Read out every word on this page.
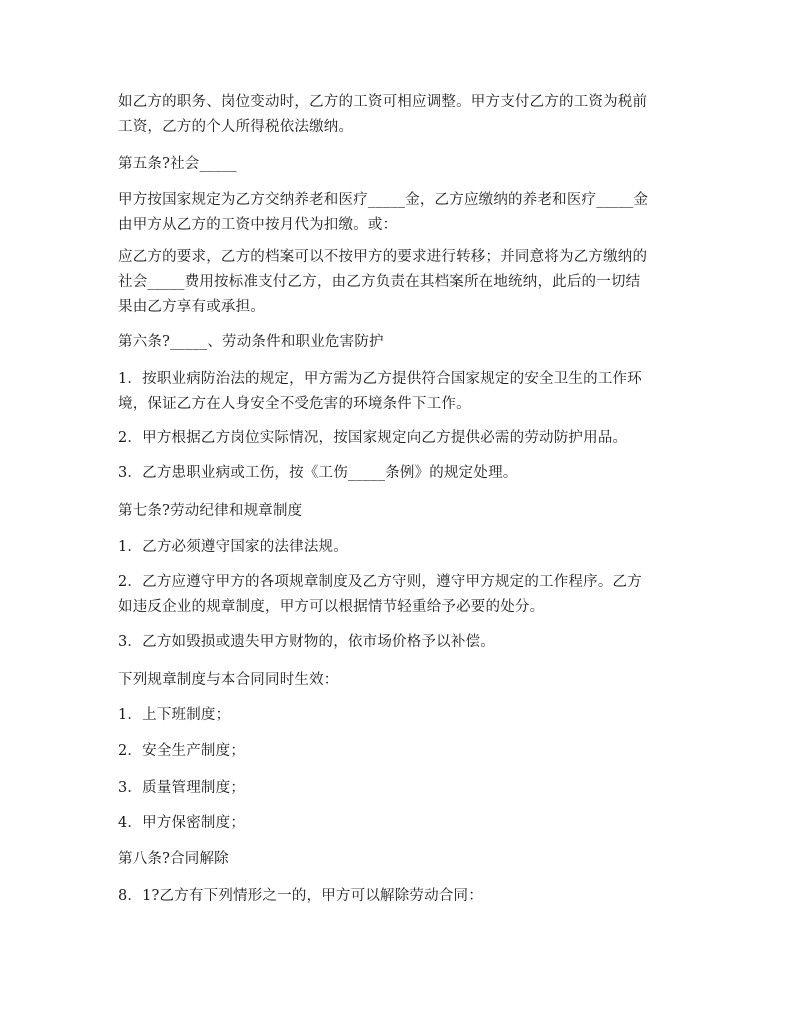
如乙方的职务、岗位变动时，乙方的工资可相应调整。甲方支付乙方的工资为税前
工资，乙方的个人所得税依法缴纳。

第五条?社会_____

甲方按国家规定为乙方交纳养老和医疗_____金，乙方应缴纳的养老和医疗_____金
由甲方从乙方的工资中按月代为扣缴。或：

应乙方的要求，乙方的档案可以不按甲方的要求进行转移；并同意将为乙方缴纳的
社会_____费用按标准支付乙方，由乙方负责在其档案所在地统纳，此后的一切结
果由乙方享有或承担。

第六条?_____、劳动条件和职业危害防护

1．按职业病防治法的规定，甲方需为乙方提供符合国家规定的安全卫生的工作环
境，保证乙方在人身安全不受危害的环境条件下工作。

2．甲方根据乙方岗位实际情况，按国家规定向乙方提供必需的劳动防护用品。

3．乙方患职业病或工伤，按《工伤_____条例》的规定处理。

第七条?劳动纪律和规章制度

1．乙方必须遵守国家的法律法规。

2．乙方应遵守甲方的各项规章制度及乙方守则，遵守甲方规定的工作程序。乙方
如违反企业的规章制度，甲方可以根据情节轻重给予必要的处分。

3．乙方如毁损或遗失甲方财物的，依市场价格予以补偿。

下列规章制度与本合同同时生效：

1．上下班制度；

2．安全生产制度；

3．质量管理制度；

4．甲方保密制度；

第八条?合同解除

8．1?乙方有下列情形之一的，甲方可以解除劳动合同：
